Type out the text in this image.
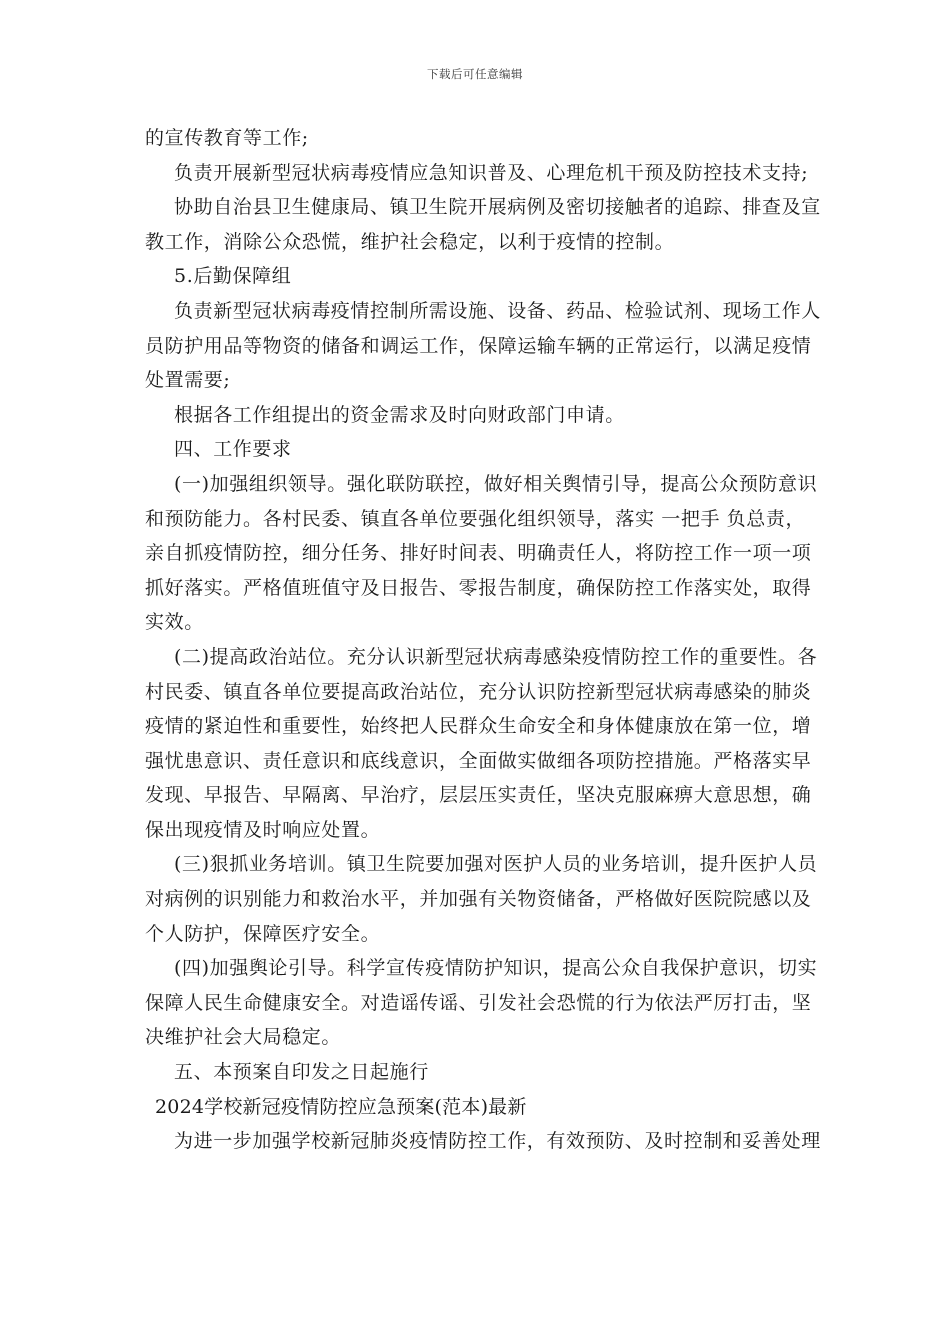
下载后可任意编辑
的宣传教育等工作;
负责开展新型冠状病毒疫情应急知识普及、心理危机干预及防控技术支持;
协助自治县卫生健康局、镇卫生院开展病例及密切接触者的追踪、排查及宣
教工作，消除公众恐慌，维护社会稳定，以利于疫情的控制。
5.后勤保障组
负责新型冠状病毒疫情控制所需设施、设备、药品、检验试剂、现场工作人
员防护用品等物资的储备和调运工作，保障运输车辆的正常运行，以满足疫情
处置需要;
根据各工作组提出的资金需求及时向财政部门申请。
四、工作要求
(一)加强组织领导。强化联防联控，做好相关舆情引导，提高公众预防意识
和预防能力。各村民委、镇直各单位要强化组织领导，落实 一把手 负总责，
亲自抓疫情防控，细分任务、排好时间表、明确责任人，将防控工作一项一项
抓好落实。严格值班值守及日报告、零报告制度，确保防控工作落实处，取得
实效。
(二)提高政治站位。充分认识新型冠状病毒感染疫情防控工作的重要性。各
村民委、镇直各单位要提高政治站位，充分认识防控新型冠状病毒感染的肺炎
疫情的紧迫性和重要性，始终把人民群众生命安全和身体健康放在第一位，增
强忧患意识、责任意识和底线意识，全面做实做细各项防控措施。严格落实早
发现、早报告、早隔离、早治疗，层层压实责任，坚决克服麻痹大意思想，确
保出现疫情及时响应处置。
(三)狠抓业务培训。镇卫生院要加强对医护人员的业务培训，提升医护人员
对病例的识别能力和救治水平，并加强有关物资储备，严格做好医院院感以及
个人防护，保障医疗安全。
(四)加强舆论引导。科学宣传疫情防护知识，提高公众自我保护意识，切实
保障人民生命健康安全。对造谣传谣、引发社会恐慌的行为依法严厉打击，坚
决维护社会大局稳定。
五、本预案自印发之日起施行
2024学校新冠疫情防控应急预案(范本)最新
为进一步加强学校新冠肺炎疫情防控工作，有效预防、及时控制和妥善处理
